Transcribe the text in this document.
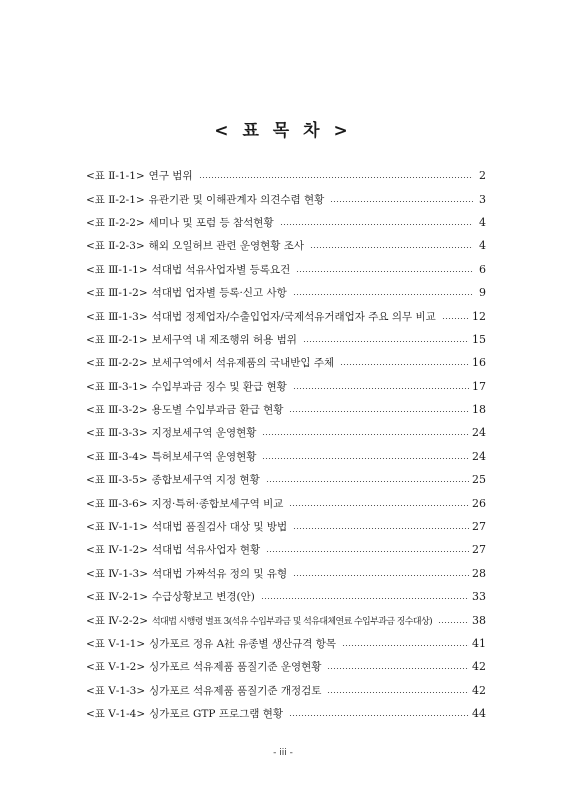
< 표 목 차 >
<표 Ⅱ-1-1> 연구 범위	2
<표 Ⅱ-2-1> 유관기관 및 이해관계자 의견수렴 현황	3
<표 Ⅱ-2-2> 세미나 및 포럼 등 참석현황	4
<표 Ⅱ-2-3> 해외 오일허브 관련 운영현황 조사	4
<표 Ⅲ-1-1> 석대법 석유사업자별 등록요건	6
<표 Ⅲ-1-2> 석대법 업자별 등록·신고 사항	9
<표 Ⅲ-1-3> 석대법 정제업자/수출입업자/국제석유거래업자 주요 의무 비교	12
<표 Ⅲ-2-1> 보세구역 내 제조행위 허용 범위	15
<표 Ⅲ-2-2> 보세구역에서 석유제품의 국내반입 주체	16
<표 Ⅲ-3-1> 수입부과금 징수 및 환급 현황	17
<표 Ⅲ-3-2> 용도별 수입부과금 환급 현황	18
<표 Ⅲ-3-3> 지정보세구역 운영현황	24
<표 Ⅲ-3-4> 특허보세구역 운영현황	24
<표 Ⅲ-3-5> 종합보세구역 지정 현황	25
<표 Ⅲ-3-6> 지정·특허·종합보세구역 비교	26
<표 Ⅳ-1-1> 석대법 품질검사 대상 및 방법	27
<표 Ⅳ-1-2> 석대법 석유사업자 현황	27
<표 Ⅳ-1-3> 석대법 가짜석유 정의 및 유형	28
<표 Ⅳ-2-1> 수급상황보고 변경(안)	33
<표 Ⅳ-2-2> 석대법 시행령 별표 3(석유 수입부과금 및 석유대체연료 수입부과금 징수대상)	38
<표 Ⅴ-1-1> 싱가포르 정유 A社 유종별 생산규격 항목	41
<표 Ⅴ-1-2> 싱가포르 석유제품 품질기준 운영현황	42
<표 Ⅴ-1-3> 싱가포르 석유제품 품질기준 개정검토	42
<표 Ⅴ-1-4> 싱가포르 GTP 프로그램 현황	44
- iii -
